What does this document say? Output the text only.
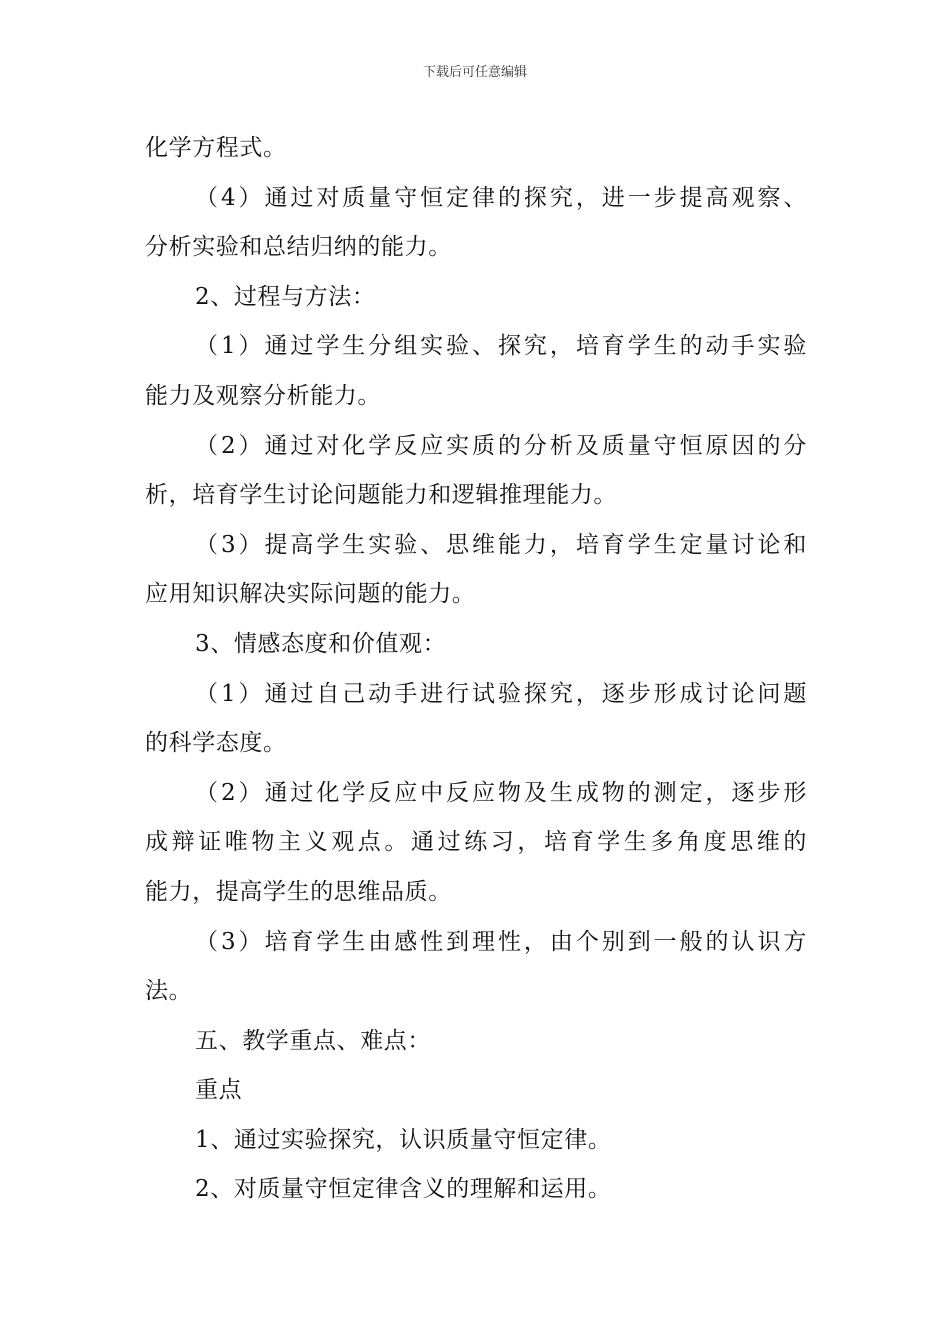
下载后可任意编辑
化学方程式。
（4）通过对质量守恒定律的探究，进一步提高观察、
分析实验和总结归纳的能力。
2、过程与方法：
（1）通过学生分组实验、探究，培育学生的动手实验
能力及观察分析能力。
（2）通过对化学反应实质的分析及质量守恒原因的分
析，培育学生讨论问题能力和逻辑推理能力。
（3）提高学生实验、思维能力，培育学生定量讨论和
应用知识解决实际问题的能力。
3、情感态度和价值观：
（1）通过自己动手进行试验探究，逐步形成讨论问题
的科学态度。
（2）通过化学反应中反应物及生成物的测定，逐步形
成辩证唯物主义观点。通过练习，培育学生多角度思维的
能力，提高学生的思维品质。
（3）培育学生由感性到理性，由个别到一般的认识方
法。
五、教学重点、难点：
重点
1、通过实验探究，认识质量守恒定律。
2、对质量守恒定律含义的理解和运用。
